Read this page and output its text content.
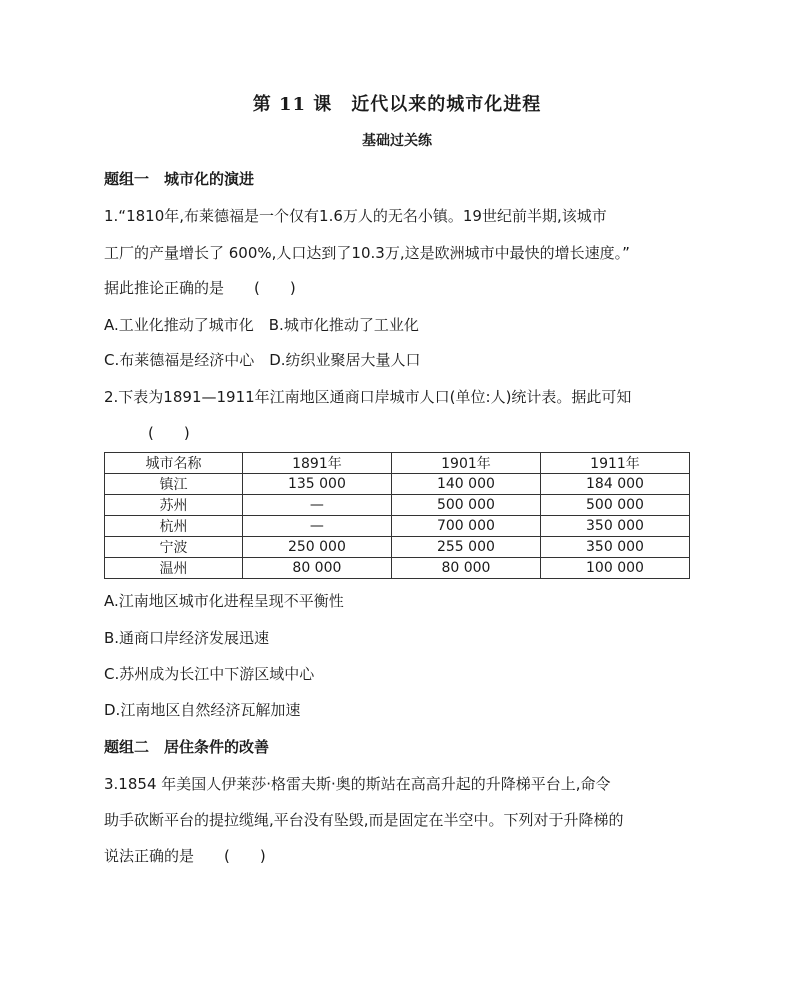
第 11 课　近代以来的城市化进程
基础过关练
题组一　城市化的演进
1.“1810年,布莱德福是一个仅有1.6万人的无名小镇。19世纪前半期,该城市
工厂的产量增长了 600%,人口达到了10.3万,这是欧洲城市中最快的增长速度。”
据此推论正确的是　　(　　)
A.工业化推动了城市化　B.城市化推动了工业化
C.布莱德福是经济中心　D.纺织业聚居大量人口
2.下表为1891—1911年江南地区通商口岸城市人口(单位:人)统计表。据此可知
(　　)
城市名称	1891年	1901年	1911年
镇江	135 000	140 000	184 000
苏州	—	500 000	500 000
杭州	—	700 000	350 000
宁波	250 000	255 000	350 000
温州	80 000	80 000	100 000
A.江南地区城市化进程呈现不平衡性
B.通商口岸经济发展迅速
C.苏州成为长江中下游区域中心
D.江南地区自然经济瓦解加速
题组二　居住条件的改善
3.1854 年美国人伊莱莎·格雷夫斯·奥的斯站在高高升起的升降梯平台上,命令
助手砍断平台的提拉缆绳,平台没有坠毁,而是固定在半空中。下列对于升降梯的
说法正确的是　　(　　)
